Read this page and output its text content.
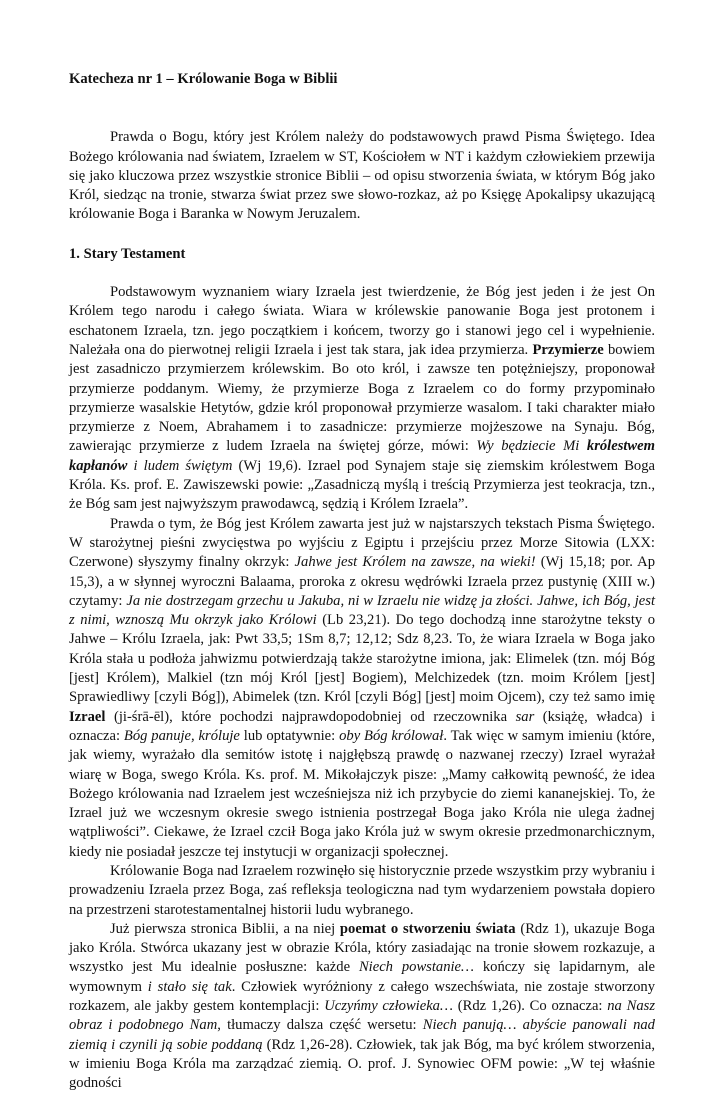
Katecheza nr 1 – Królowanie Boga w Biblii

Prawda o Bogu, który jest Królem należy do podstawowych prawd Pisma Świętego. Idea Bożego królowania nad światem, Izraelem w ST, Kościołem w NT i każdym człowiekiem przewija się jako kluczowa przez wszystkie stronice Biblii – od opisu stworzenia świata, w którym Bóg jako Król, siedząc na tronie, stwarza świat przez swe słowo-rozkaz, aż po Księgę Apokalipsy ukazującą królowanie Boga i Baranka w Nowym Jeruzalem.

1. Stary Testament

Podstawowym wyznaniem wiary Izraela jest twierdzenie, że Bóg jest jeden i że jest On Królem tego narodu i całego świata. Wiara w królewskie panowanie Boga jest protonem i eschatonem Izraela, tzn. jego początkiem i końcem, tworzy go i stanowi jego cel i wypełnienie. Należała ona do pierwotnej religii Izraela i jest tak stara, jak idea przymierza. Przymierze bowiem jest zasadniczo przymierzem królewskim. Bo oto król, i zawsze ten potężniejszy, proponował przymierze poddanym. Wiemy, że przymierze Boga z Izraelem co do formy przypominało przymierze wasalskie Hetytów, gdzie król proponował przymierze wasalom. I taki charakter miało przymierze z Noem, Abrahamem i to zasadnicze: przymierze mojżeszowe na Synaju. Bóg, zawierając przymierze z ludem Izraela na świętej górze, mówi: Wy będziecie Mi królestwem kapłanów i ludem świętym (Wj 19,6). Izrael pod Synajem staje się ziemskim królestwem Boga Króla. Ks. prof. E. Zawiszewski powie: „Zasadniczą myślą i treścią Przymierza jest teokracja, tzn., że Bóg sam jest najwyższym prawodawcą, sędzią i Królem Izraela”.

Prawda o tym, że Bóg jest Królem zawarta jest już w najstarszych tekstach Pisma Świętego. W starożytnej pieśni zwycięstwa po wyjściu z Egiptu i przejściu przez Morze Sitowia (LXX: Czerwone) słyszymy finalny okrzyk: Jahwe jest Królem na zawsze, na wieki! (Wj 15,18; por. Ap 15,3), a w słynnej wyroczni Balaama, proroka z okresu wędrówki Izraela przez pustynię (XIII w.) czytamy: Ja nie dostrzegam grzechu u Jakuba, ni w Izraelu nie widzę ja złości. Jahwe, ich Bóg, jest z nimi, wznoszą Mu okrzyk jako Królowi (Lb 23,21). Do tego dochodzą inne starożytne teksty o Jahwe – Królu Izraela, jak: Pwt 33,5; 1Sm 8,7; 12,12; Sdz 8,23. To, że wiara Izraela w Boga jako Króla stała u podłoża jahwizmu potwierdzają także starożytne imiona, jak: Elimelek (tzn. mój Bóg [jest] Królem), Malkiel (tzn mój Król [jest] Bogiem), Melchizedek (tzn. moim Królem [jest] Sprawiedliwy [czyli Bóg]), Abimelek (tzn. Król [czyli Bóg] [jest] moim Ojcem), czy też samo imię Izrael (ji-śrā-ēl), które pochodzi najprawdopodobniej od rzeczownika sar (książę, władca) i oznacza: Bóg panuje, króluje lub optatywnie: oby Bóg królował. Tak więc w samym imieniu (które, jak wiemy, wyrażało dla semitów istotę i najgłębszą prawdę o nazwanej rzeczy) Izrael wyrażał wiarę w Boga, swego Króla. Ks. prof. M. Mikołajczyk pisze: „Mamy całkowitą pewność, że idea Bożego królowania nad Izraelem jest wcześniejsza niż ich przybycie do ziemi kananejskiej. To, że Izrael już we wczesnym okresie swego istnienia postrzegał Boga jako Króla nie ulega żadnej wątpliwości”. Ciekawe, że Izrael czcił Boga jako Króla już w swym okresie przedmonarchicznym, kiedy nie posiadał jeszcze tej instytucji w organizacji społecznej.

Królowanie Boga nad Izraelem rozwinęło się historycznie przede wszystkim przy wybraniu i prowadzeniu Izraela przez Boga, zaś refleksja teologiczna nad tym wydarzeniem powstała dopiero na przestrzeni starotestamentalnej historii ludu wybranego.

Już pierwsza stronica Biblii, a na niej poemat o stworzeniu świata (Rdz 1), ukazuje Boga jako Króla. Stwórca ukazany jest w obrazie Króla, który zasiadając na tronie słowem rozkazuje, a wszystko jest Mu idealnie posłuszne: każde Niech powstanie… kończy się lapidarnym, ale wymownym i stało się tak. Człowiek wyróżniony z całego wszechświata, nie zostaje stworzony rozkazem, ale jakby gestem kontemplacji: Uczyńmy człowieka… (Rdz 1,26). Co oznacza: na Nasz obraz i podobnego Nam, tłumaczy dalsza część wersetu: Niech panują… abyście panowali nad ziemią i czynili ją sobie poddaną (Rdz 1,26-28). Człowiek, tak jak Bóg, ma być królem stworzenia, w imieniu Boga Króla ma zarządzać ziemią. O. prof. J. Synowiec OFM powie: „W tej właśnie godności
